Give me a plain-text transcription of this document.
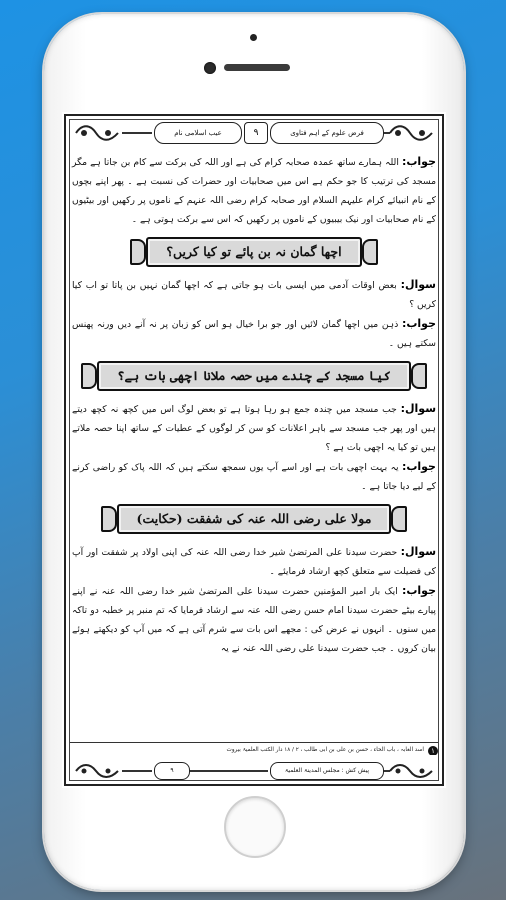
عیب اسلامی نام	۹	فرض علوم کے اہم فتاوی

جواب: اللہ ہمارے ساتھ عمدہ صحابہ کرام کی ہے اور اللہ کی برکت سے کام بن جاتا ہے مگر مسجد کی ترتیب کا جو حکم ہے اس میں صحابیات اور حضرات کی نسبت ہے ۔ پھر اپنے بچوں کے نام انبیائے کرام علیہم السلام اور صحابہ کرام رضی اللہ عنہم کے ناموں پر رکھیں اور بیٹیوں کے نام صحابیات اور نیک بیبیوں کے ناموں پر رکھیں کہ اس سے برکت ہوتی ہے ۔

اچھا گمان نہ بن پائے تو کیا کریں؟

سوال: بعض اوقات آدمی میں ایسی بات ہو جاتی ہے کہ اچھا گمان نہیں بن پاتا تو اب کیا کریں ؟

جواب: ذہن میں اچھا گمان لائیں اور جو برا خیال ہو اس کو زبان پر نہ آنے دیں ورنہ پھنس سکتے ہیں ۔

کیا مسجد کے چندے میں حصہ ملانا اچھی بات ہے؟

سوال: جب مسجد میں چندہ جمع ہو رہا ہوتا ہے تو بعض لوگ اس میں کچھ نہ کچھ دیتے ہیں اور پھر جب مسجد سے باہر اعلانات کو سن کر لوگوں کے عطیات کے ساتھ اپنا حصہ ملاتے ہیں تو کیا یہ اچھی بات ہے ؟

جواب: یہ بہت اچھی بات ہے اور اسے آپ یوں سمجھ سکتے ہیں کہ اللہ پاک کو راضی کرنے کے لیے دیا جاتا ہے ۔

مولا علی رضی اللہ عنہ کی شفقت (حکایت)

سوال: حضرت سیدنا علی المرتضیٰ شیر خدا رضی اللہ عنہ کی اپنی اولاد پر شفقت اور آپ کی فضیلت سے متعلق کچھ ارشاد فرمایئے ۔

جواب: ایک بار امیر المؤمنین حضرت سیدنا علی المرتضیٰ شیر خدا رضی اللہ عنہ نے اپنے پیارے بیٹے حضرت سیدنا امام حسن رضی اللہ عنہ سے ارشاد فرمایا کہ تم منبر پر خطبہ دو تاکہ میں سنوں ۔ انہوں نے عرض کی : مجھے اس بات سے شرم آتی ہے کہ میں آپ کو دیکھتے ہوئے بیان کروں ۔ جب حضرت سیدنا علی رضی اللہ عنہ نے یہ

۱
اسد الغابہ ، باب الحاء ، حسن بن علی بن ابی طالب ، ۲ / ۱۸ دار الکتب العلمیۃ بیروت
۹	پیش کش : مجلس المدینۃ العلمیۃ
